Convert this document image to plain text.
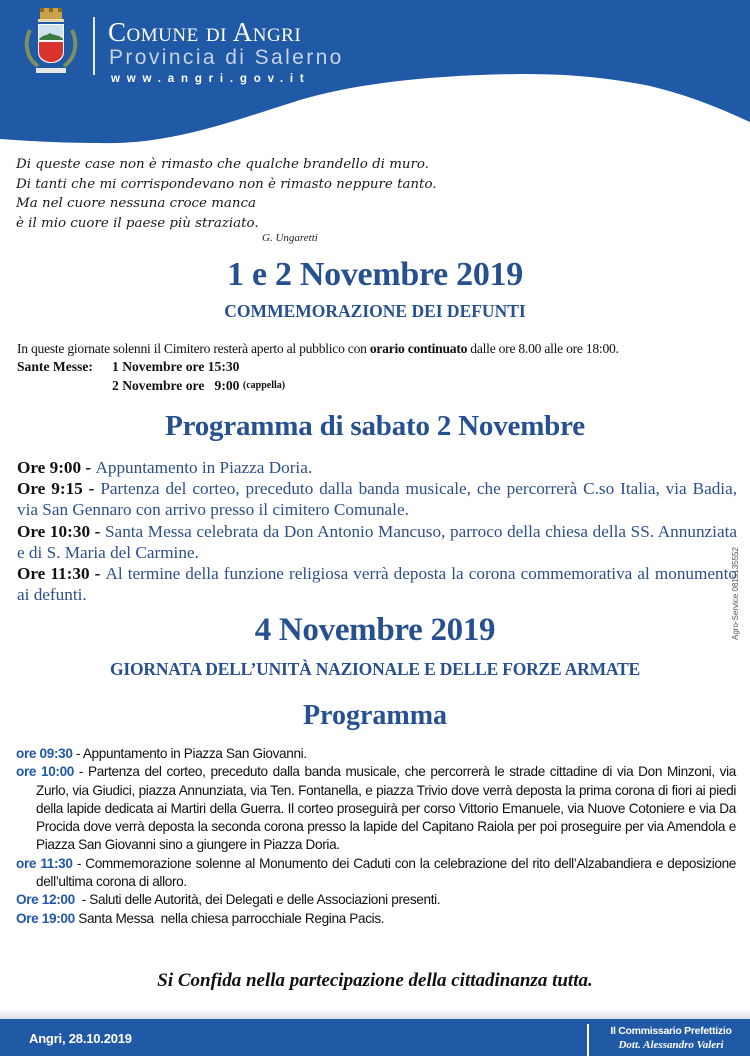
Comune di Angri
Provincia di Salerno
www.angri.gov.it
Di queste case non è rimasto che qualche brandello di muro.
Di tanti che mi corrispondevano non è rimasto neppure tanto.
Ma nel cuore nessuna croce manca
è il mio cuore il paese più straziato.
G. Ungaretti
1 e 2 Novembre 2019
COMMEMORAZIONE DEI DEFUNTI
In queste giornate solenni il Cimitero resterà aperto al pubblico con orario continuato dalle ore 8.00 alle ore 18:00.
Sante Messe:	1 Novembre ore 15:30
2 Novembre ore   9:00
(cappella)
Programma di sabato 2 Novembre
Ore 9:00 - Appuntamento in Piazza Doria.
Ore 9:15 - Partenza del corteo, preceduto dalla banda musicale, che percorrerà C.so Italia, via Badia, via San Gennaro con arrivo presso il cimitero Comunale.
Ore 10:30 - Santa Messa celebrata da Don Antonio Mancuso, parroco della chiesa della SS. Annunziata e di S. Maria del Carmine.
Ore 11:30 - Al termine della funzione religiosa verrà deposta la corona commemorativa al monumento ai defunti.
4 Novembre 2019
GIORNATA DELL’UNITÀ NAZIONALE E DELLE FORZE ARMATE
Programma
Agro-Service 0815135552
ore 09:30 - Appuntamento in Piazza San Giovanni.
ore 10:00 - Partenza del corteo, preceduto dalla banda musicale, che percorrerà le strade cittadine di via Don Minzoni, via Zurlo, via Giudici, piazza Annunziata, via Ten. Fontanella, e piazza Trivio dove verrà deposta la prima corona di fiori ai piedi della lapide dedicata ai Martiri della Guerra. Il corteo proseguirà per corso Vittorio Emanuele, via Nuove Cotoniere e via Da Procida dove verrà deposta la seconda corona presso la lapide del Capitano Raiola per poi proseguire per via Amendola e Piazza San Giovanni sino a giungere in Piazza Doria.
ore 11:30 - Commemorazione solenne al Monumento dei Caduti con la celebrazione del rito dell’Alzabandiera e deposizione dell’ultima corona di alloro.
Ore 12:00  - Saluti delle Autorità, dei Delegati e delle Associazioni presenti.
Ore 19:00 Santa Messa  nella chiesa parrocchiale Regina Pacis.
Si Confida nella partecipazione della cittadinanza tutta.
Angri, 28.10.2019	Il Commissario Prefettizio
Dott. Alessandro Valeri
